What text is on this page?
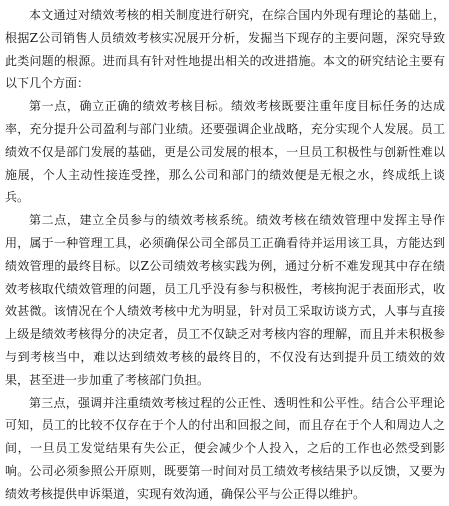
本文通过对绩效考核的相关制度进行研究，在综合国内外现有理论的基础上，根据Z公司销售人员绩效考核实况展开分析，发掘当下现存的主要问题，深究导致此类问题的根源。进而具有针对性地提出相关的改进措施。本文的研究结论主要有以下几个方面：

第一点，确立正确的绩效考核目标。绩效考核既要注重年度目标任务的达成率，充分提升公司盈利与部门业绩。还要强调企业战略，充分实现个人发展。员工绩效不仅是部门发展的基础，更是公司发展的根本，一旦员工积极性与创新性难以施展，个人主动性接连受挫，那么公司和部门的绩效便是无根之水，终成纸上谈兵。

第二点，建立全员参与的绩效考核系统。绩效考核在绩效管理中发挥主导作用，属于一种管理工具，必须确保公司全部员工正确看待并运用该工具，方能达到绩效管理的最终目标。以Z公司绩效考核实践为例，通过分析不难发现其中存在绩效考核取代绩效管理的问题，员工几乎没有参与积极性，考核拘泥于表面形式，收效甚微。该情况在个人绩效考核中尤为明显，针对员工采取访谈方式，人事与直接上级是绩效考核得分的决定者，员工不仅缺乏对考核内容的理解，而且并未积极参与到考核当中，难以达到绩效考核的最终目的，不仅没有达到提升员工绩效的效果，甚至进一步加重了考核部门负担。

第三点，强调并注重绩效考核过程的公正性、透明性和公平性。结合公平理论可知，员工的比较不仅存在于个人的付出和回报之间，而且存在于个人和周边人之间，一旦员工发觉结果有失公正，便会减少个人投入，之后的工作也必然受到影响。公司必须参照公开原则，既要第一时间对员工绩效考核结果予以反馈，又要为绩效考核提供申诉渠道，实现有效沟通，确保公平与公正得以维护。
